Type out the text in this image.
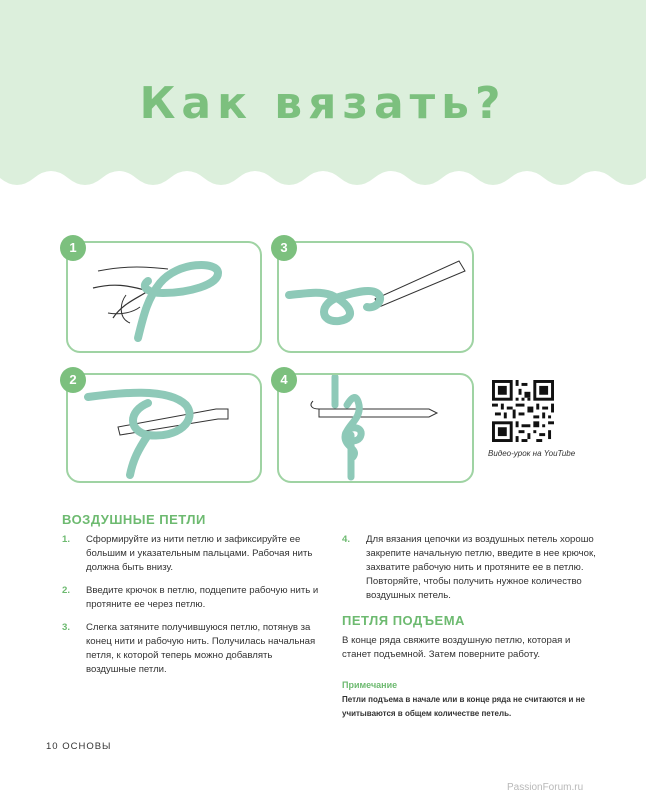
Как вязать?
1
2
3
4
Видео-урок на YouTube
ВОЗДУШНЫЕ ПЕТЛИ
1. Сформируйте из нити петлю и зафиксируйте ее большим и указательным пальцами. Рабочая нить должна быть внизу.
2. Введите крючок в петлю, подцепите рабочую нить и протяните ее через петлю.
3. Слегка затяните получившуюся петлю, потянув за конец нити и рабочую нить. Получилась начальная петля, к которой теперь можно добавлять воздушные петли.
4. Для вязания цепочки из воздушных петель хорошо закрепите начальную петлю, введите в нее крючок, захватите рабочую нить и протяните ее в петлю. Повторяйте, чтобы получить нужное количество воздушных петель.
ПЕТЛЯ ПОДЪЕМА
В конце ряда свяжите воздушную петлю, которая и станет подъемной. Затем поверните работу.
Примечание
Петли подъема в начале или в конце ряда не считаются и не учитываются в общем количестве петель.
10 ОСНОВЫ
PassionForum.ru
